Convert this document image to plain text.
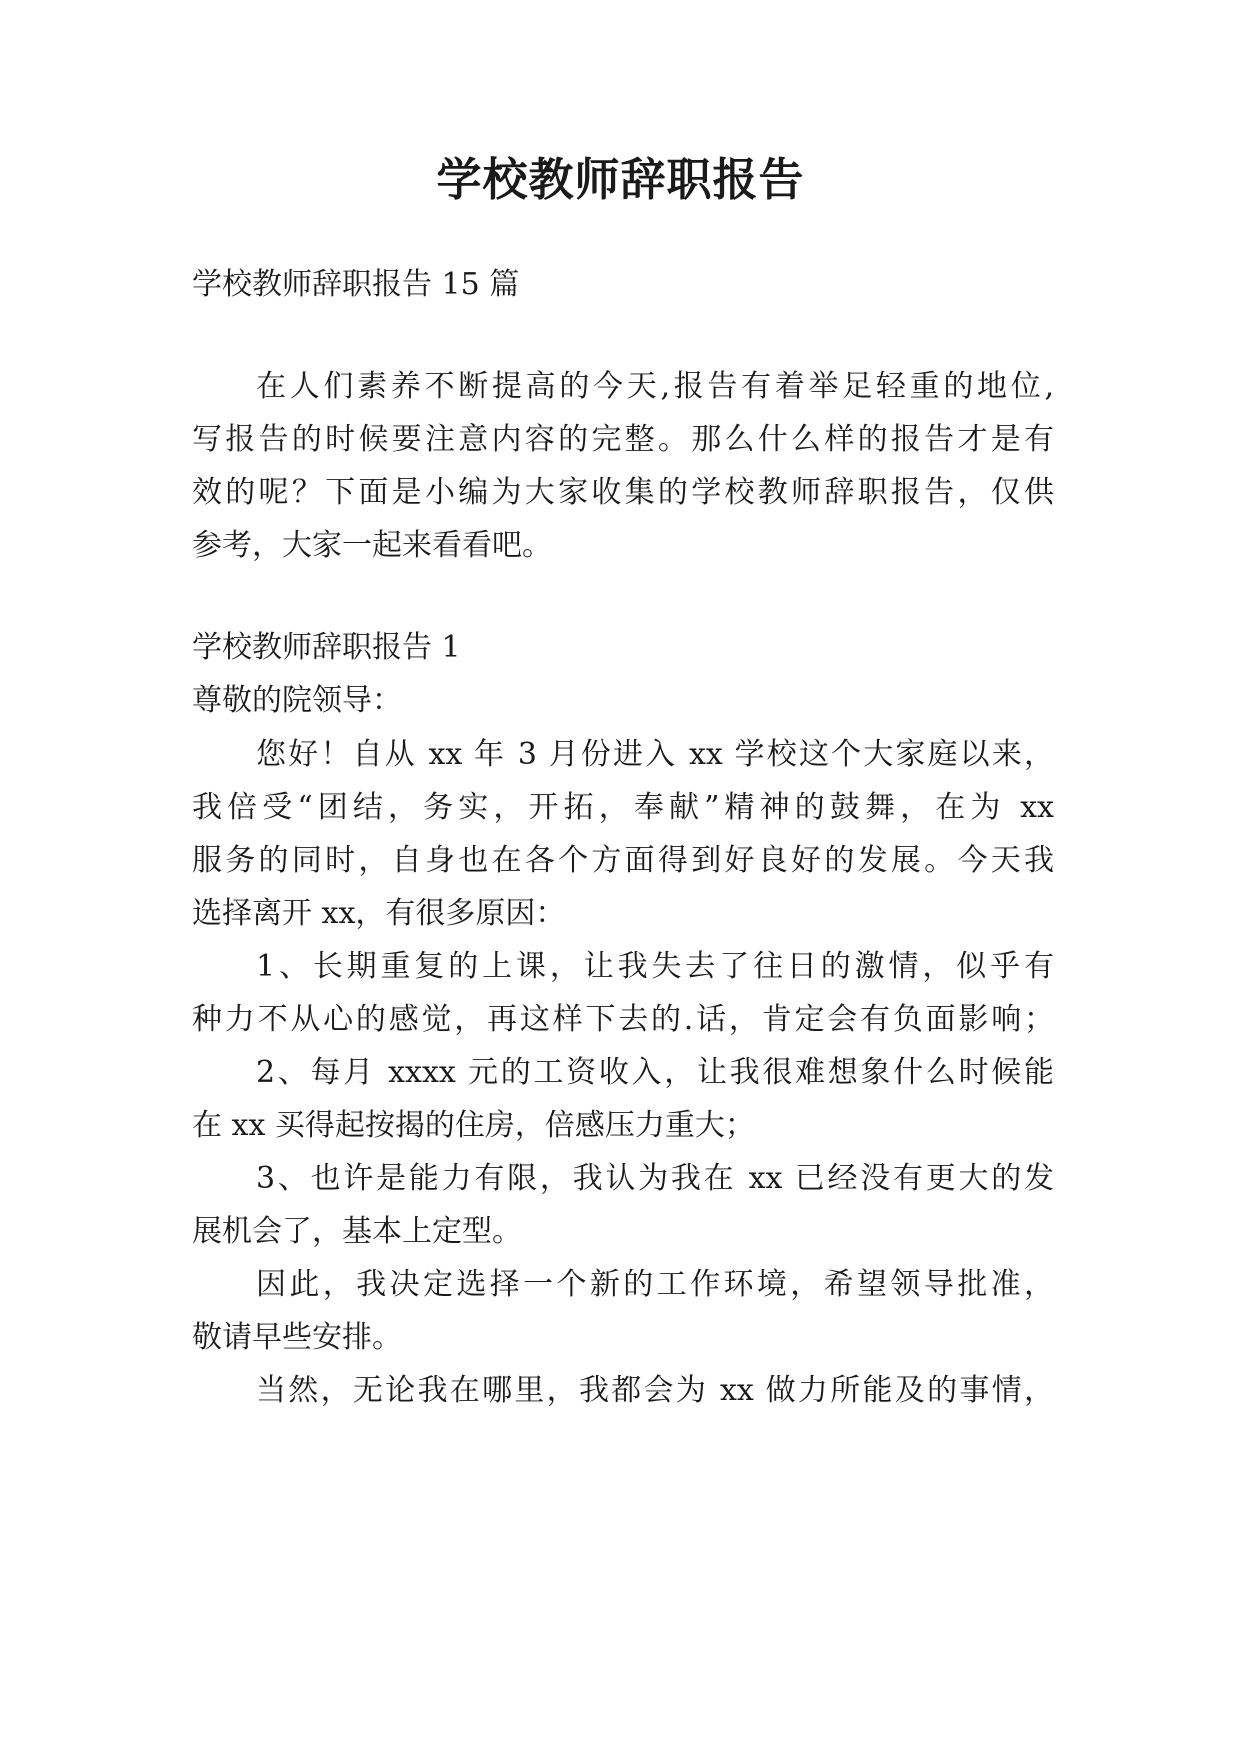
学校教师辞职报告
学校教师辞职报告 15 篇
在人们素养不断提高的今天,报告有着举足轻重的地位,
写报告的时候要注意内容的完整。那么什么样的报告才是有
效的呢？下面是小编为大家收集的学校教师辞职报告，仅供
参考，大家一起来看看吧。
学校教师辞职报告 1
尊敬的院领导：
您好！自从 xx 年 3 月份进入 xx 学校这个大家庭以来，
我倍受“团结，务实，开拓，奉献”精神的鼓舞，在为 xx
服务的同时，自身也在各个方面得到好良好的发展。今天我
选择离开 xx，有很多原因：
1、长期重复的上课，让我失去了往日的激情，似乎有
种力不从心的感觉，再这样下去的.话，肯定会有负面影响；
2、每月 xxxx 元的工资收入，让我很难想象什么时候能
在 xx 买得起按揭的住房，倍感压力重大；
3、也许是能力有限，我认为我在 xx 已经没有更大的发
展机会了，基本上定型。
因此，我决定选择一个新的工作环境，希望领导批准，
敬请早些安排。
当然，无论我在哪里，我都会为 xx 做力所能及的事情，
